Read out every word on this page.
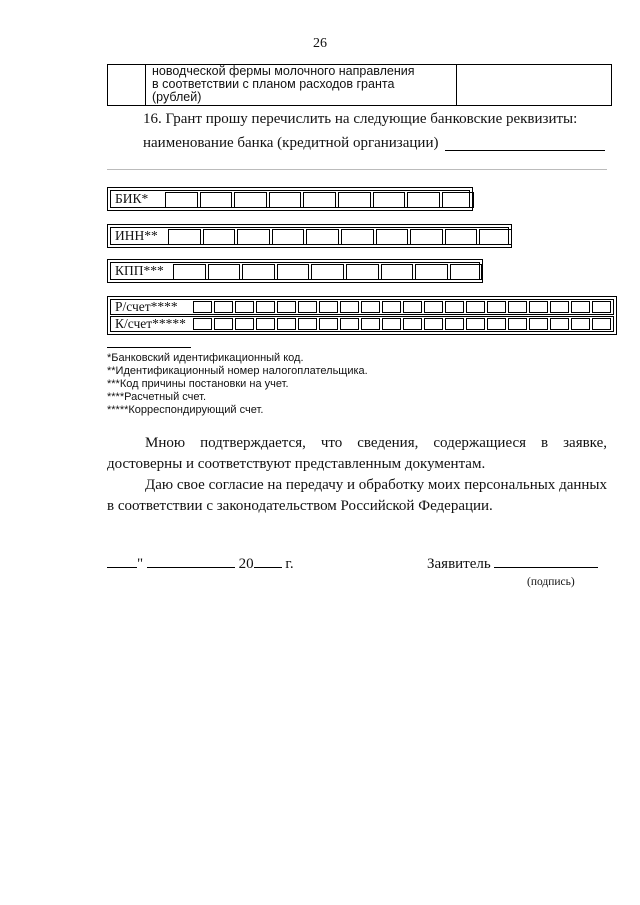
26
новодческой фермы молочного направления
в соответствии с планом расходов гранта
(рублей)
16. Грант прошу перечислить на следующие банковские реквизиты:
наименование банка (кредитной организации)
БИК*
ИНН**
КПП***
Р/счет****
К/счет*****
*Банковский идентификационный код.
**Идентификационный номер налогоплательщика.
***Код причины постановки на учет.
****Расчетный счет.
*****Корреспондирующий счет.
Мною подтверждается, что сведения, содержащиеся в заявке, достоверны и соответствуют представленным документам.
Даю свое согласие на передачу и обработку моих персональных данных в соответствии с законодательством Российской Федерации.
"	20 г.	Заявитель
(подпись)
